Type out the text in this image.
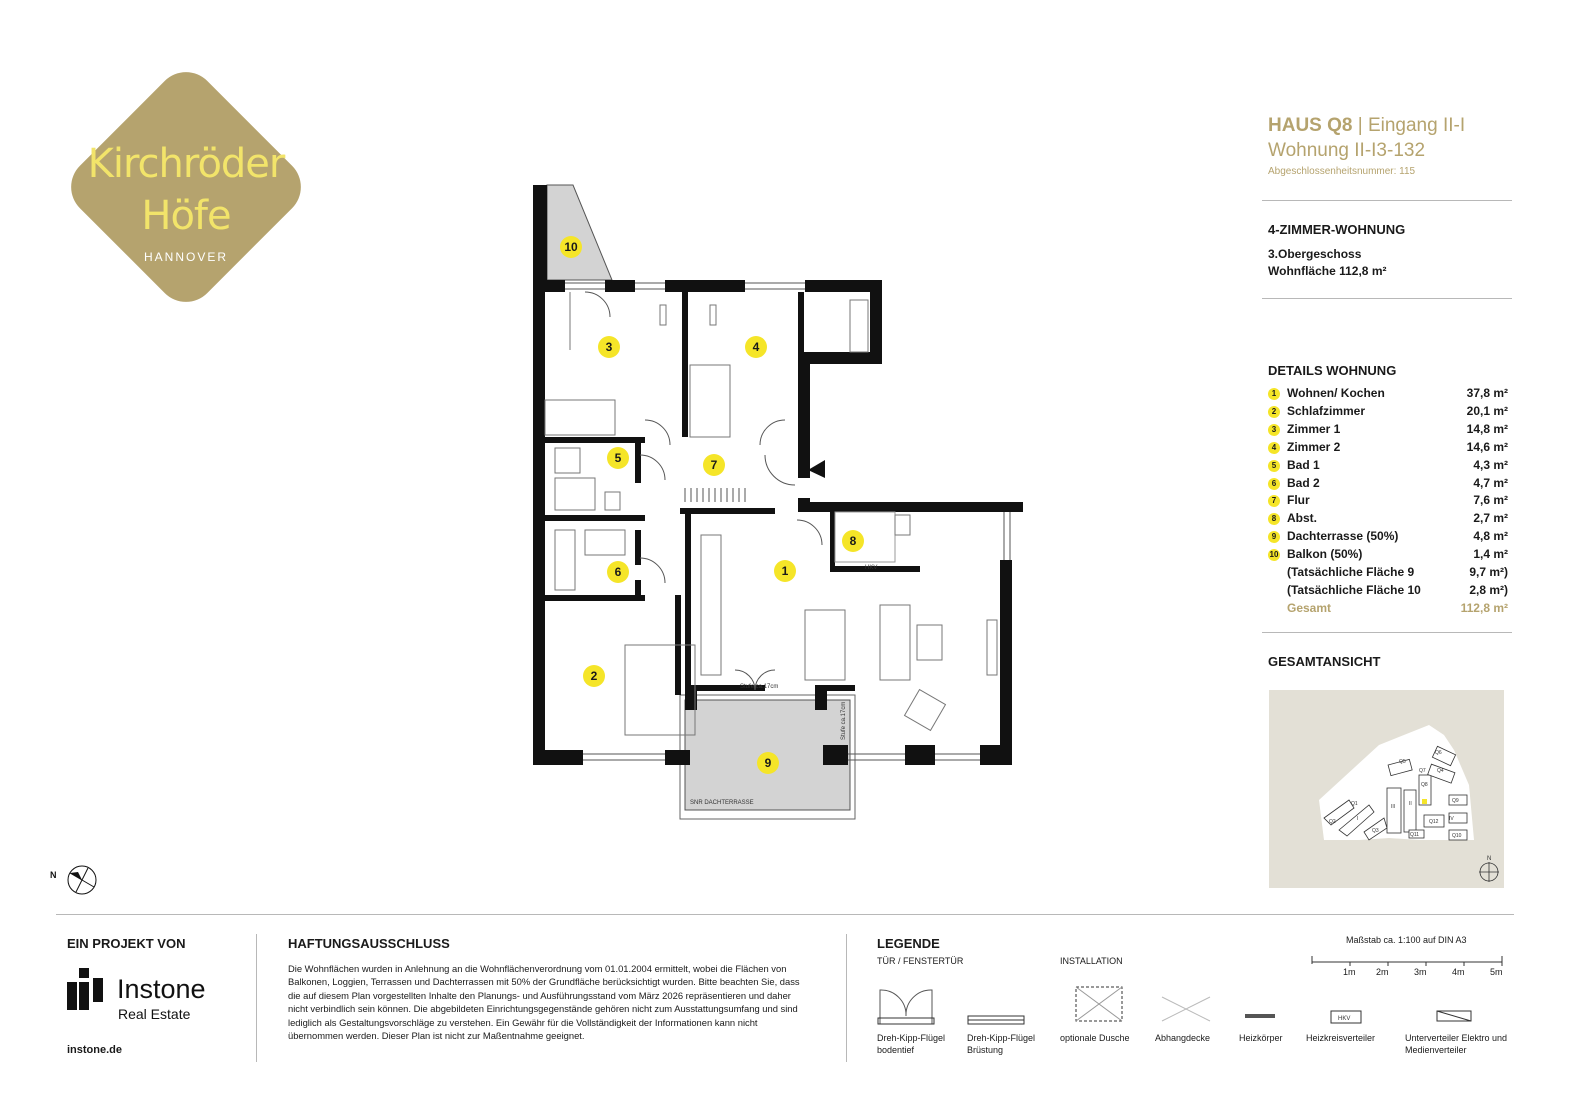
Kirchröder
Höfe
HANNOVER
HAUS Q8 | Eingang II-I
Wohnung II-I3-132
Abgeschlossenheitsnummer: 115
4-ZIMMER-WOHNUNG
3.Obergeschoss
Wohnfläche 112,8 m²
DETAILS WOHNUNG
1 Wohnen/ Kochen	37,8 m²
2 Schlafzimmer	20,1 m²
3 Zimmer 1	14,8 m²
4 Zimmer 2	14,6 m²
5 Bad 1	4,3 m²
6 Bad 2	4,7 m²
7 Flur	7,6 m²
8 Abst.	2,7 m²
9 Dachterrasse (50%)	4,8 m²
10 Balkon (50%)	1,4 m²
(Tatsächliche Fläche 9	9,7 m²)
(Tatsächliche Fläche 10	2,8 m²)
Gesamt	112,8 m²
GESAMTANSICHT
Q5
Q6
Q4
Q8
Q1
Q2
Q3
I
II
III
IV
Q9
Q10
Q11
Q12
Q7
N
SNR DACHTERRASSE
Stufe ca.17cm
Stufe ca.17cm
HKV
10
3	4
5	7
8
6	1
2
9
N
EIN PROJEKT VON
Instone
Real Estate
instone.de
HAFTUNGSAUSSCHLUSS
Die Wohnflächen wurden in Anlehnung an die Wohnflächenverordnung vom 01.01.2004 ermittelt, wobei die Flächen von Balkonen, Loggien, Terrassen und Dachterrassen mit 50% der Grundfläche berücksichtigt wurden. Bitte beachten Sie, dass die auf diesem Plan vorgestellten Inhalte den Planungs- und Ausführungsstand vom März 2026 repräsentieren und daher nicht verbindlich sein können. Die abgebildeten Einrichtungsgegenstände gehören nicht zum Ausstattungsumfang und sind lediglich als Gestaltungsvorschläge zu verstehen. Ein Gewähr für die Vollständigkeit der Informationen kann nicht übernommen werden. Dieser Plan ist nicht zur Maßentnahme geeignet.
LEGENDE
TÜR / FENSTERTÜR	INSTALLATION
HKV
Dreh-Kipp-Flügel bodentief
Dreh-Kipp-Flügel Brüstung
optionale Dusche	Abhangdecke	Heizkörper	Heizkreisverteiler	Unterverteiler Elektro und Medienverteiler
Maßstab ca. 1:100 auf DIN A3
1m 2m	3m	4m	5m
